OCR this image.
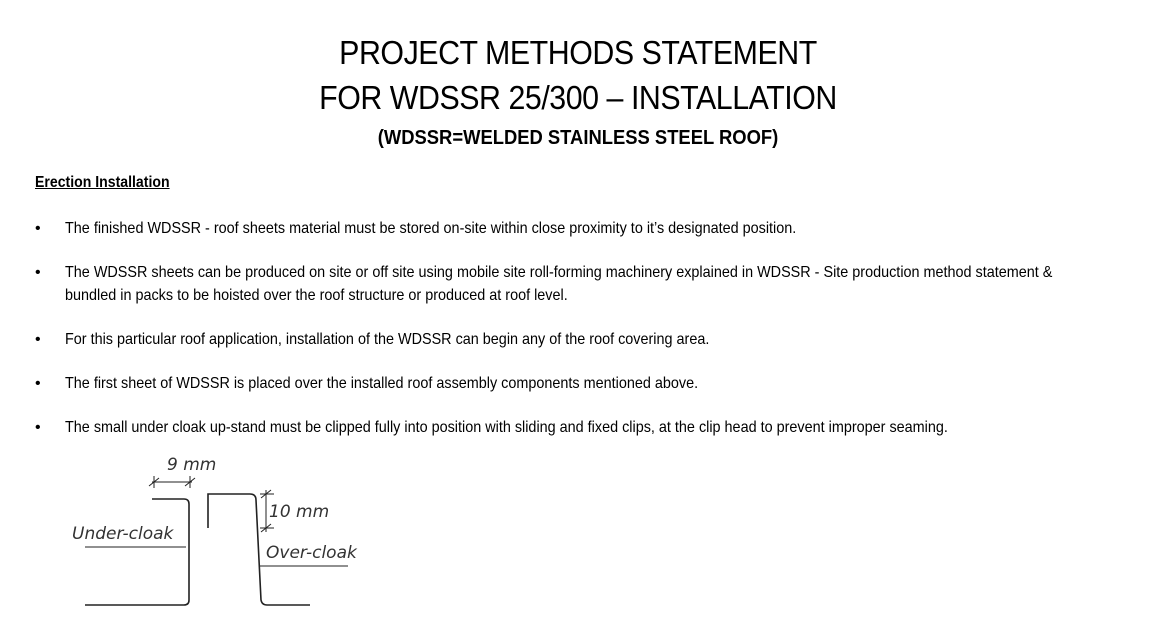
PROJECT METHODS STATEMENT
FOR WDSSR 25/300 – INSTALLATION
(WDSSR=WELDED STAINLESS STEEL ROOF)
Erection Installation
• The finished WDSSR - roof sheets material must be stored on-site within close proximity to it’s designated position.
• The WDSSR sheets can be produced on site or off site using mobile site roll-forming machinery explained in WDSSR - Site production method statement &
bundled in packs to be hoisted over the roof structure or produced at roof level.
• For this particular roof application, installation of the WDSSR can begin any of the roof covering area.
• The first sheet of WDSSR is placed over the installed roof assembly components mentioned above.
• The small under cloak up-stand must be clipped fully into position with sliding and fixed clips, at the clip head to prevent improper seaming.
9 mm
10 mm
Under-cloak
Over-cloak
